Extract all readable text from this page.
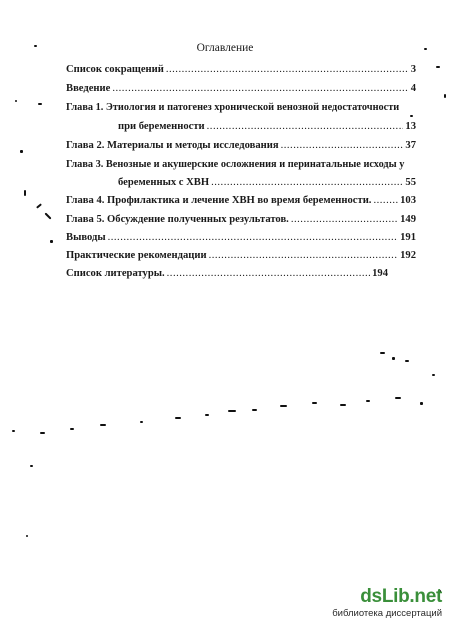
Оглавление
Список сокращений .....	3
Введение .....	4
Глава 1. Этиология и патогенез хронической венозной недостаточности
при беременности .....	13
Глава 2. Материалы и методы исследования .....	37
Глава 3. Венозные и акушерские осложнения и перинатальные исходы у
беременных с ХВН .....	55
Глава 4. Профилактика и лечение ХВН во время беременности. .....	103
Глава 5. Обсуждение полученных результатов. .....	149
Выводы .....	191
Практические рекомендации .....	192
Список литературы. .....	194
dsLib.net
библиотека диссертаций
